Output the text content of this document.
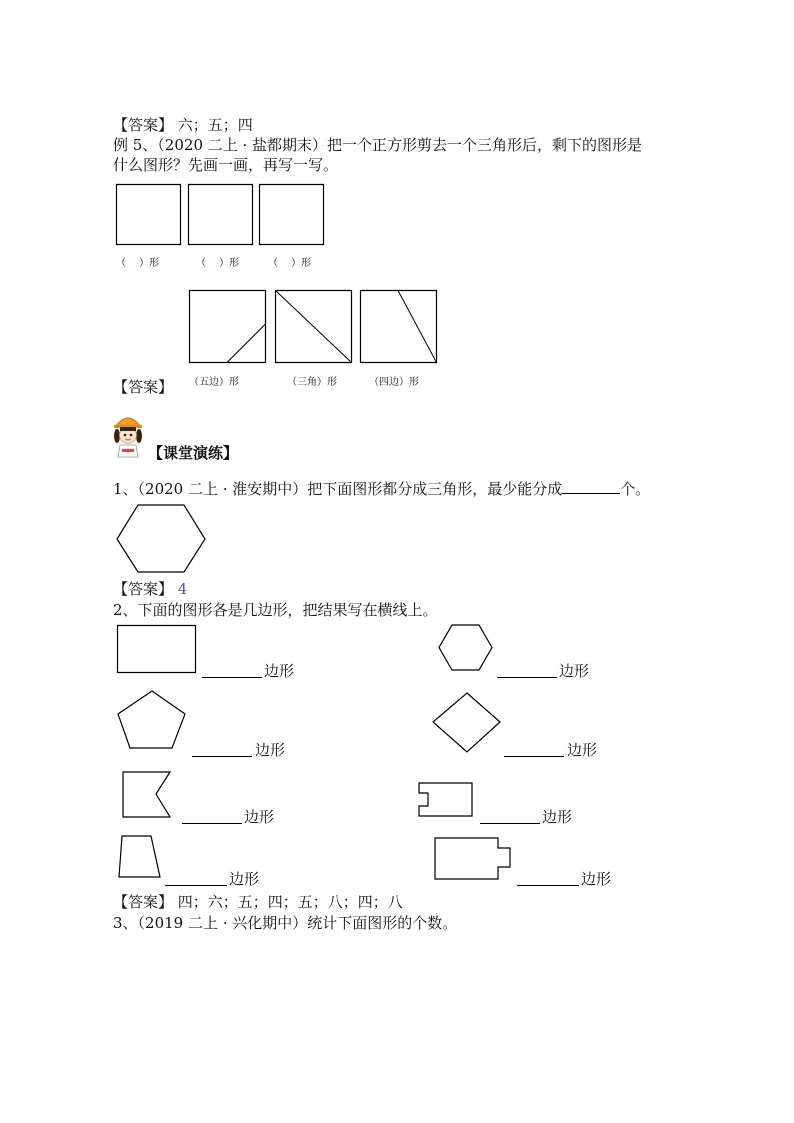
【答案】 六；五；四
例 5、（2020 二上 · 盐都期末）把一个正方形剪去一个三角形后，剩下的图形是
什么图形？先画一画，再写一写。
（　 ）形	（　 ）形	（　 ）形
【答案】 （五边）形	（三角）形	（四边）形
【课堂演练】
1、（2020 二上 · 淮安期中）把下面图形都分成三角形，最少能分成	个。
【答案】 4
2、下面的图形各是几边形，把结果写在横线上。
边形	边形
边形	边形
边形	边形
边形	边形
【答案】 四；六；五；四；五；八；四；八
3、（2019 二上 · 兴化期中）统计下面图形的个数。
